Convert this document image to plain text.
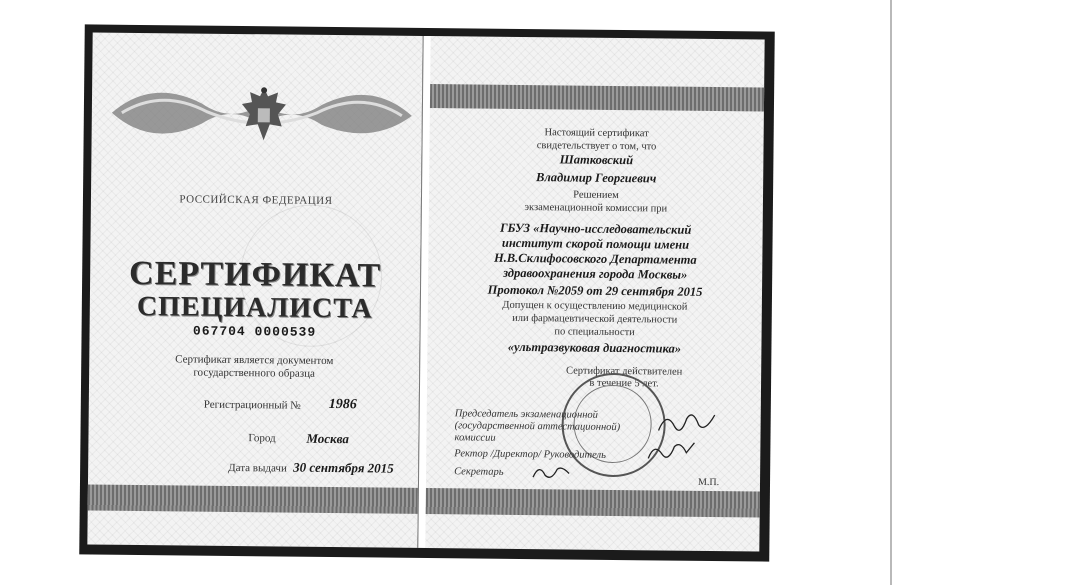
РОССИЙСКАЯ ФЕДЕРАЦИЯ
СЕРТИФИКАТ
СПЕЦИАЛИСТА
067704 0000539
Сертификат является документом
государственного образца
Регистрационный № 1986
Город Москва
Дата выдачи 30 сентября 2015
Настоящий сертификат
свидетельствует о том, что
Шатковский
Владимир Георгиевич
Решением
экзаменационной комиссии при
ГБУЗ «Научно-исследовательский
институт скорой помощи имени
Н.В.Склифосовского Департамента
здравоохранения города Москвы»
Протокол №2059 от 29 сентября 2015
Допущен к осуществлению медицинской
или фармацевтической деятельности
по специальности
«ультразвуковая диагностика»
Сертификат действителен
в течение 5 лет.
Председатель экзаменационной
(государственной аттестационной)
комиссии
Ректор /Директор/ Руководитель
Секретарь
М.П.
